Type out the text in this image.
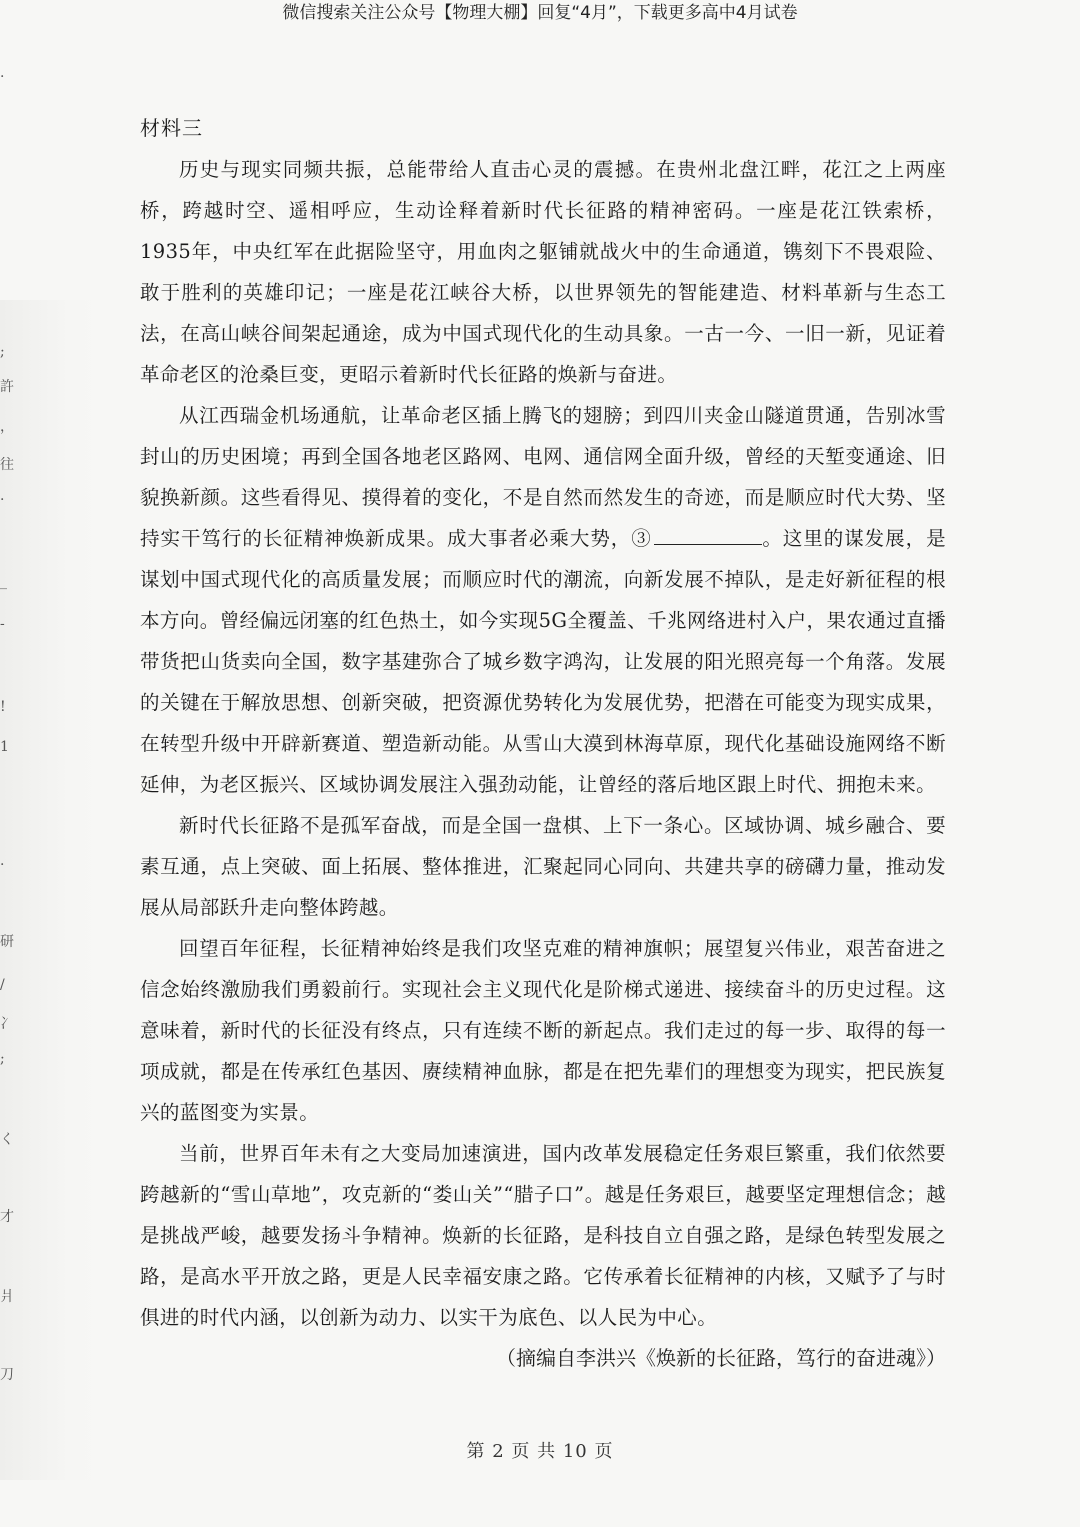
·
;
許
，
往
·
_
-
!
1
·
研
/
冫
;
く
才
爿
刀
微信搜索关注公众号【物理大棚】回复“4月”，下载更多高中4月试卷
材料三

历史与现实同频共振，总能带给人直击心灵的震撼。在贵州北盘江畔，花江之上两座桥，跨越时空、遥相呼应，生动诠释着新时代长征路的精神密码。一座是花江铁索桥，1935年，中央红军在此据险坚守，用血肉之躯铺就战火中的生命通道，镌刻下不畏艰险、敢于胜利的英雄印记；一座是花江峡谷大桥，以世界领先的智能建造、材料革新与生态工法，在高山峡谷间架起通途，成为中国式现代化的生动具象。一古一今、一旧一新，见证着革命老区的沧桑巨变，更昭示着新时代长征路的焕新与奋进。

从江西瑞金机场通航，让革命老区插上腾飞的翅膀；到四川夹金山隧道贯通，告别冰雪封山的历史困境；再到全国各地老区路网、电网、通信网全面升级，曾经的天堑变通途、旧貌换新颜。这些看得见、摸得着的变化，不是自然而然发生的奇迹，而是顺应时代大势、坚持实干笃行的长征精神焕新成果。成大事者必乘大势，③	。这里的谋发展，是谋划中国式现代化的高质量发展；而顺应时代的潮流，向新发展不掉队，是走好新征程的根本方向。曾经偏远闭塞的红色热土，如今实现5G全覆盖、千兆网络进村入户，果农通过直播带货把山货卖向全国，数字基建弥合了城乡数字鸿沟，让发展的阳光照亮每一个角落。发展的关键在于解放思想、创新突破，把资源优势转化为发展优势，把潜在可能变为现实成果，在转型升级中开辟新赛道、塑造新动能。从雪山大漠到林海草原，现代化基础设施网络不断延伸，为老区振兴、区域协调发展注入强劲动能，让曾经的落后地区跟上时代、拥抱未来。

新时代长征路不是孤军奋战，而是全国一盘棋、上下一条心。区域协调、城乡融合、要素互通，点上突破、面上拓展、整体推进，汇聚起同心同向、共建共享的磅礴力量，推动发展从局部跃升走向整体跨越。

回望百年征程，长征精神始终是我们攻坚克难的精神旗帜；展望复兴伟业，艰苦奋进之信念始终激励我们勇毅前行。实现社会主义现代化是阶梯式递进、接续奋斗的历史过程。这意味着，新时代的长征没有终点，只有连续不断的新起点。我们走过的每一步、取得的每一项成就，都是在传承红色基因、赓续精神血脉，都是在把先辈们的理想变为现实，把民族复兴的蓝图变为实景。

当前，世界百年未有之大变局加速演进，国内改革发展稳定任务艰巨繁重，我们依然要跨越新的“雪山草地”，攻克新的“娄山关”“腊子口”。越是任务艰巨，越要坚定理想信念；越是挑战严峻，越要发扬斗争精神。焕新的长征路，是科技自立自强之路，是绿色转型发展之路，是高水平开放之路，更是人民幸福安康之路。它传承着长征精神的内核，又赋予了与时俱进的时代内涵，以创新为动力、以实干为底色、以人民为中心。

（摘编自李洪兴《焕新的长征路，笃行的奋进魂》）

第 2 页 共 10 页
